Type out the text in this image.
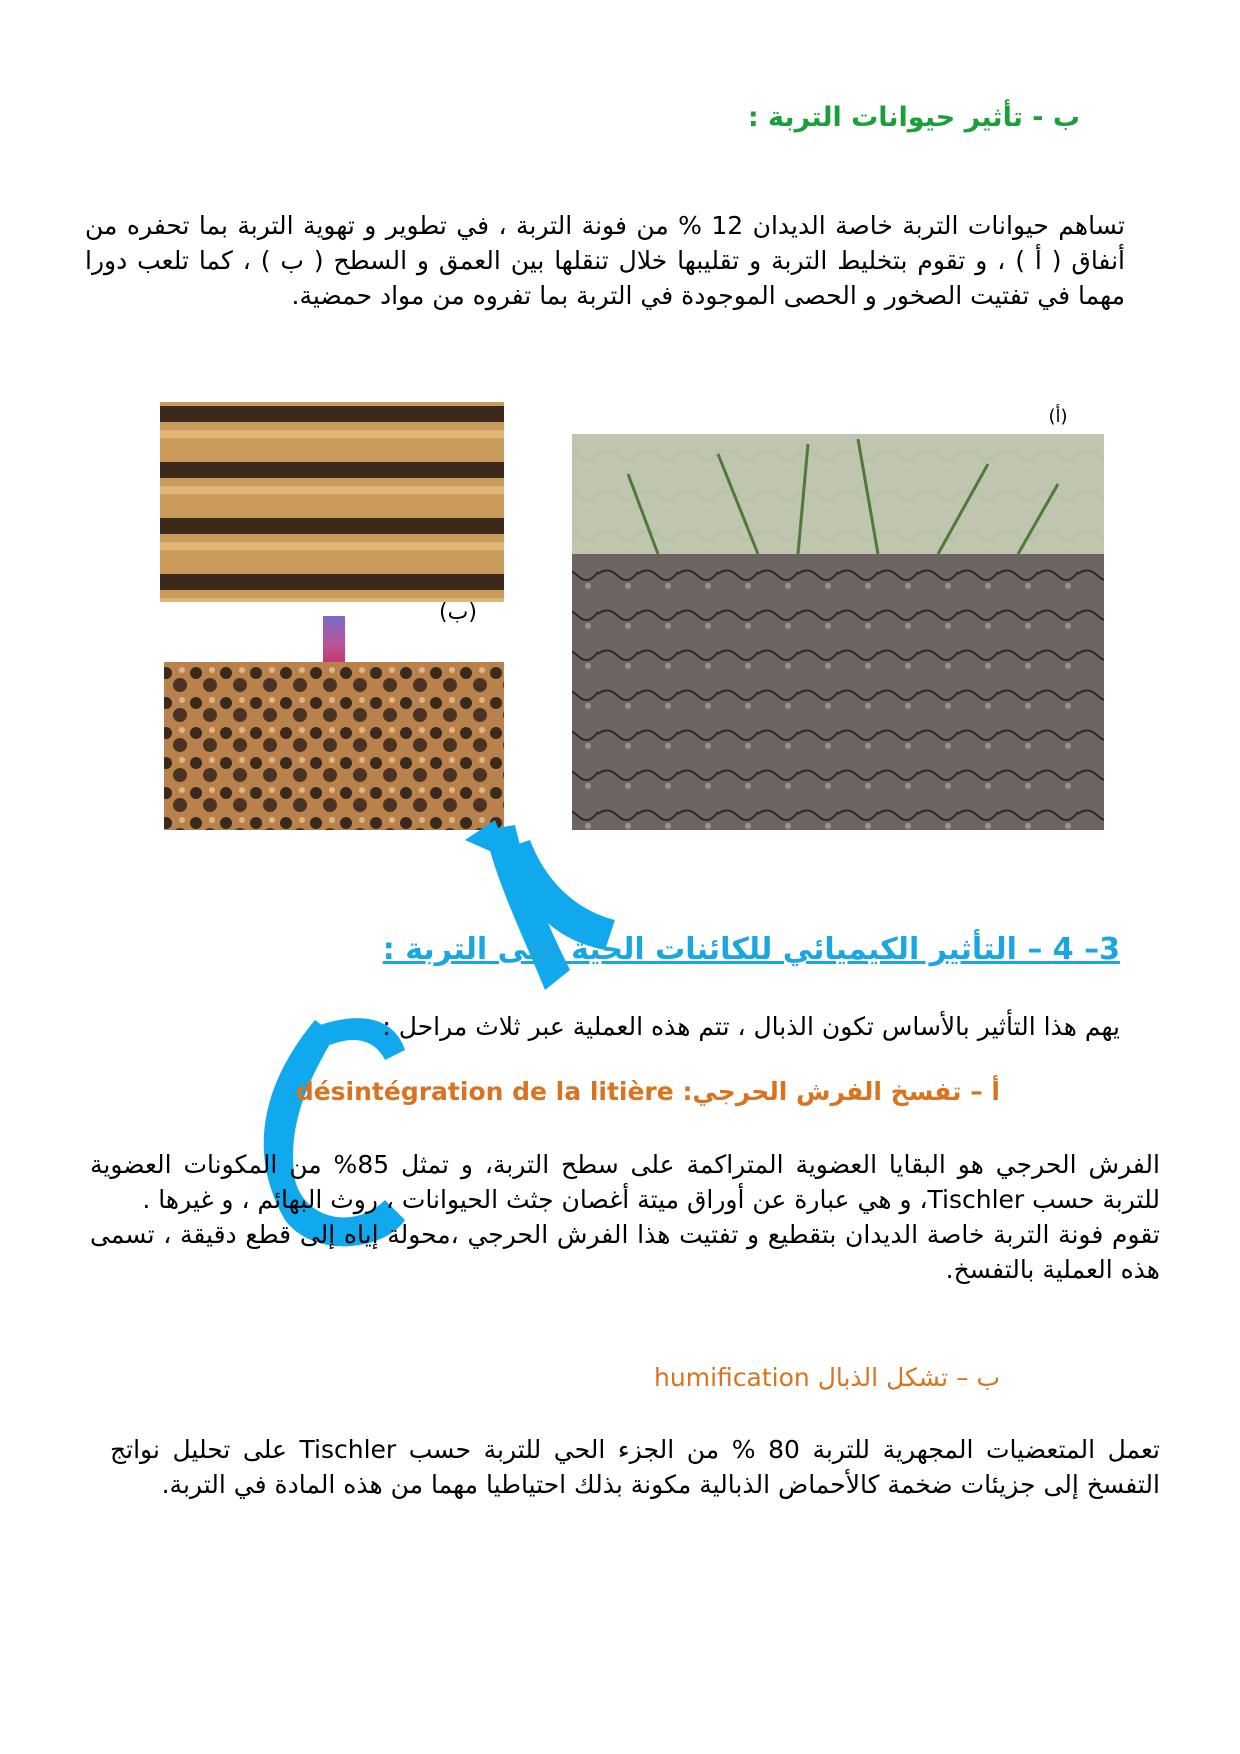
ب - تأثير حيوانات التربة :
تساهم حيوانات التربة خاصة الديدان 12 % من فونة التربة ، في تطوير و تهوية التربة بما تحفره من أنفاق ( أ ) ، و تقوم بتخليط التربة و تقليبها خلال تنقلها بين العمق و السطح ( ب ) ، كما تلعب دورا مهما في تفتيت الصخور و الحصى الموجودة في التربة بما تفروه من مواد حمضية.
(ب)
(أ)
3– 4 – التأثير الكيميائي للكائنات الحية على التربة :
يهم هذا التأثير بالأساس تكون الذبال ، تتم هذه العملية عبر ثلاث مراحل :
أ – تفسخ الفرش الحرجي: désintégration de la litière
الفرش الحرجي هو البقايا العضوية المتراكمة على سطح التربة، و تمثل 85% من المكونات العضوية للتربة حسب Tischler، و هي عبارة عن أوراق ميتة أغصان جثث الحيوانات ، روث البهائم ، و غيرها .
تقوم فونة التربة خاصة الديدان بتقطيع و تفتيت هذا الفرش الحرجي ،محولة إياه إلى قطع دقيقة ، تسمى هذه العملية بالتفسخ.
ب – تشكل الذبال humification
تعمل المتعضيات المجهرية للتربة 80 % من الجزء الحي للتربة حسب Tischler على تحليل نواتج التفسخ إلى جزيئات ضخمة كالأحماض الذبالية مكونة بذلك احتياطيا مهما من هذه المادة في التربة.
